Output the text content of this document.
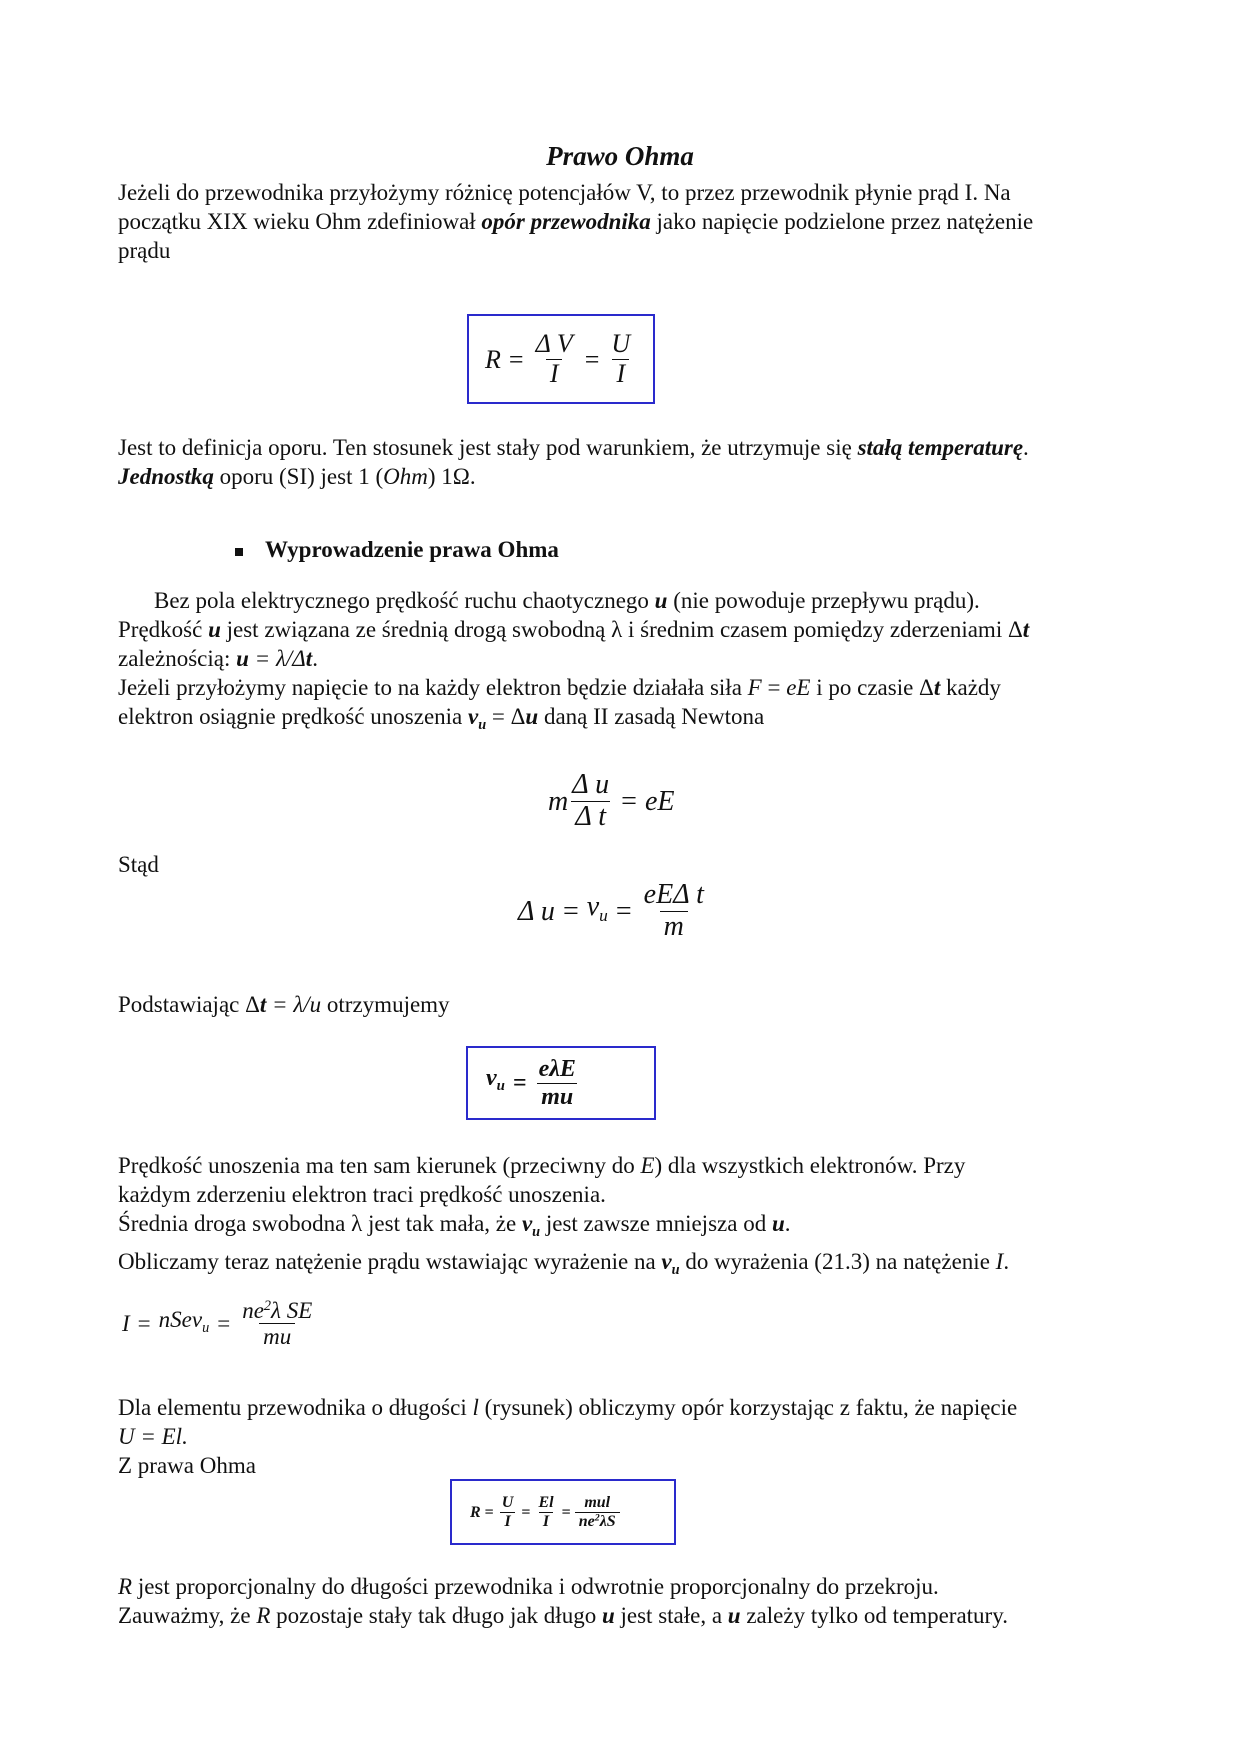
Prawo Ohma

Jeżeli do przewodnika przyłożymy różnicę potencjałów V, to przez przewodnik płynie prąd I. Na

początku XIX wieku Ohm zdefiniował opór przewodnika jako napięcie podzielone przez natężenie

prądu

$R = \frac{\text{Δ V}}{I} = \frac{U}{I}$

Jest to definicja oporu. Ten stosunek jest stały pod warunkiem, że utrzymuje się stałą temperaturę.

Jednostką oporu (SI) jest 1 (Ohm) 1Ω.

Wyprowadzenie prawa Ohma

Bez pola elektrycznego prędkość ruchu chaotycznego u (nie powoduje przepływu prądu).

Prędkość u jest związana ze średnią drogą swobodną λ i średnim czasem pomiędzy zderzeniami Δt

zależnością: u = λ/Δt.

Jeżeli przyłożymy napięcie to na każdy elektron będzie działała siła F = eE i po czasie Δt każdy

elektron osiągnie prędkość unoszenia $v_u = \Delta u$ daną II zasadą Newtona

m $\frac{\text{Δ u}}{\text{Δ t}}$ = eE
Stąd
Δ $u = v_u = \frac{\text{eEΔ t}}{m}$
Podstawiając Δt = λ/u otrzymujemy
$v_u = \frac{\text{eλE}}{mu}$

Prędkość unoszenia ma ten sam kierunek (przeciwny do E) dla wszystkich elektronów. Przy

każdym zderzeniu elektron traci prędkość unoszenia.

Średnia droga swobodna λ jest tak mała, że $v_u$ jest zawsze mniejsza od u.

Obliczamy teraz natężenie prądu wstawiając wyrażenie na $v_u$ do wyrażenia (21.3) na natężenie I.

I = nSev$_u$ = $\frac{ne^2\lambda SE}{mu}$

Dla elementu przewodnika o długości l (rysunek) obliczymy opór korzystając z faktu, że napięcie

U = El.

Z prawa Ohma

$R = \frac{U}{I} = \frac{El}{I} = \frac{\text{mul}}{ne^2\lambda S}$

R jest proporcjonalny do długości przewodnika i odwrotnie proporcjonalny do przekroju.

Zauważmy, że R pozostaje stały tak długo jak długo u jest stałe, a u zależy tylko od temperatury.
